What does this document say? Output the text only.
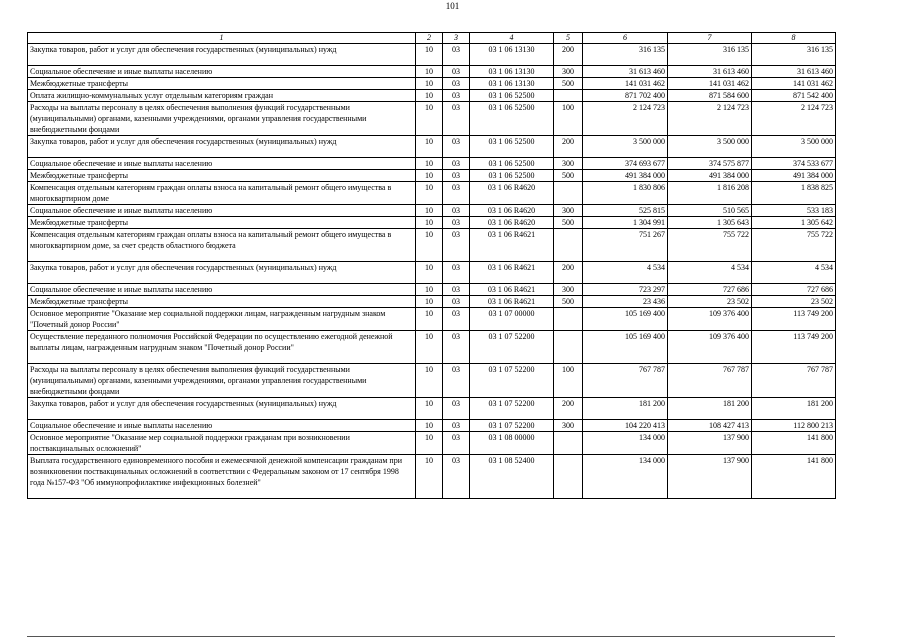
101
1	2	3	4	5	6	7	8
Закупка товаров, работ и услуг для обеспечения государственных (муниципальных) нужд	10	03	03 1 06 13130	200	316 135	316 135	316 135
Социальное обеспечение и иные выплаты населению	10	03	03 1 06 13130	300	31 613 460	31 613 460	31 613 460
Межбюджетные трансферты	10	03	03 1 06 13130	500	141 031 462	141 031 462	141 031 462
Оплата жилищно-коммунальных услуг отдельным категориям граждан	10	03	03 1 06 52500		871 702 400	871 584 600	871 542 400
Расходы на выплаты персоналу в целях обеспечения выполнения функций государственными (муниципальными) органами, казенными учреждениями, органами управления государственными внебюджетными фондами	10	03	03 1 06 52500	100	2 124 723	2 124 723	2 124 723
Закупка товаров, работ и услуг для обеспечения государственных (муниципальных) нужд	10	03	03 1 06 52500	200	3 500 000	3 500 000	3 500 000
Социальное обеспечение и иные выплаты населению	10	03	03 1 06 52500	300	374 693 677	374 575 877	374 533 677
Межбюджетные трансферты	10	03	03 1 06 52500	500	491 384 000	491 384 000	491 384 000
Компенсация отдельным категориям граждан оплаты взноса на капитальный ремонт общего имущества в многоквартирном доме	10	03	03 1 06 R4620		1 830 806	1 816 208	1 838 825
Социальное обеспечение и иные выплаты населению	10	03	03 1 06 R4620	300	525 815	510 565	533 183
Межбюджетные трансферты	10	03	03 1 06 R4620	500	1 304 991	1 305 643	1 305 642
Компенсация отдельным категориям граждан оплаты взноса на капитальный ремонт общего имущества в многоквартирном доме, за счет средств областного бюджета	10	03	03 1 06 R4621		751 267	755 722	755 722
Закупка товаров, работ и услуг для обеспечения государственных (муниципальных) нужд	10	03	03 1 06 R4621	200	4 534	4 534	4 534
Социальное обеспечение и иные выплаты населению	10	03	03 1 06 R4621	300	723 297	727 686	727 686
Межбюджетные трансферты	10	03	03 1 06 R4621	500	23 436	23 502	23 502
Основное мероприятие "Оказание мер социальной поддержки лицам, награжденным нагрудным знаком "Почетный донор России"	10	03	03 1 07 00000		105 169 400	109 376 400	113 749 200
Осуществление переданного полномочия Российской Федерации по осуществлению ежегодной денежной выплаты лицам, награжденным нагрудным знаком "Почетный донор России"	10	03	03 1 07 52200		105 169 400	109 376 400	113 749 200
Расходы на выплаты персоналу в целях обеспечения выполнения функций государственными (муниципальными) органами, казенными учреждениями, органами управления государственными внебюджетными фондами	10	03	03 1 07 52200	100	767 787	767 787	767 787
Закупка товаров, работ и услуг для обеспечения государственных (муниципальных) нужд	10	03	03 1 07 52200	200	181 200	181 200	181 200
Социальное обеспечение и иные выплаты населению	10	03	03 1 07 52200	300	104 220 413	108 427 413	112 800 213
Основное мероприятие "Оказание мер социальной поддержки гражданам при возникновении поствакцинальных осложнений"	10	03	03 1 08 00000		134 000	137 900	141 800
Выплата государственного единовременного пособия и ежемесячной денежной компенсации гражданам при возникновении поствакцинальных осложнений в соответствии с Федеральным законом от 17 сентября 1998 года №157-ФЗ "Об иммунопрофилактике инфекционных болезней"	10	03	03 1 08 52400		134 000	137 900	141 800
